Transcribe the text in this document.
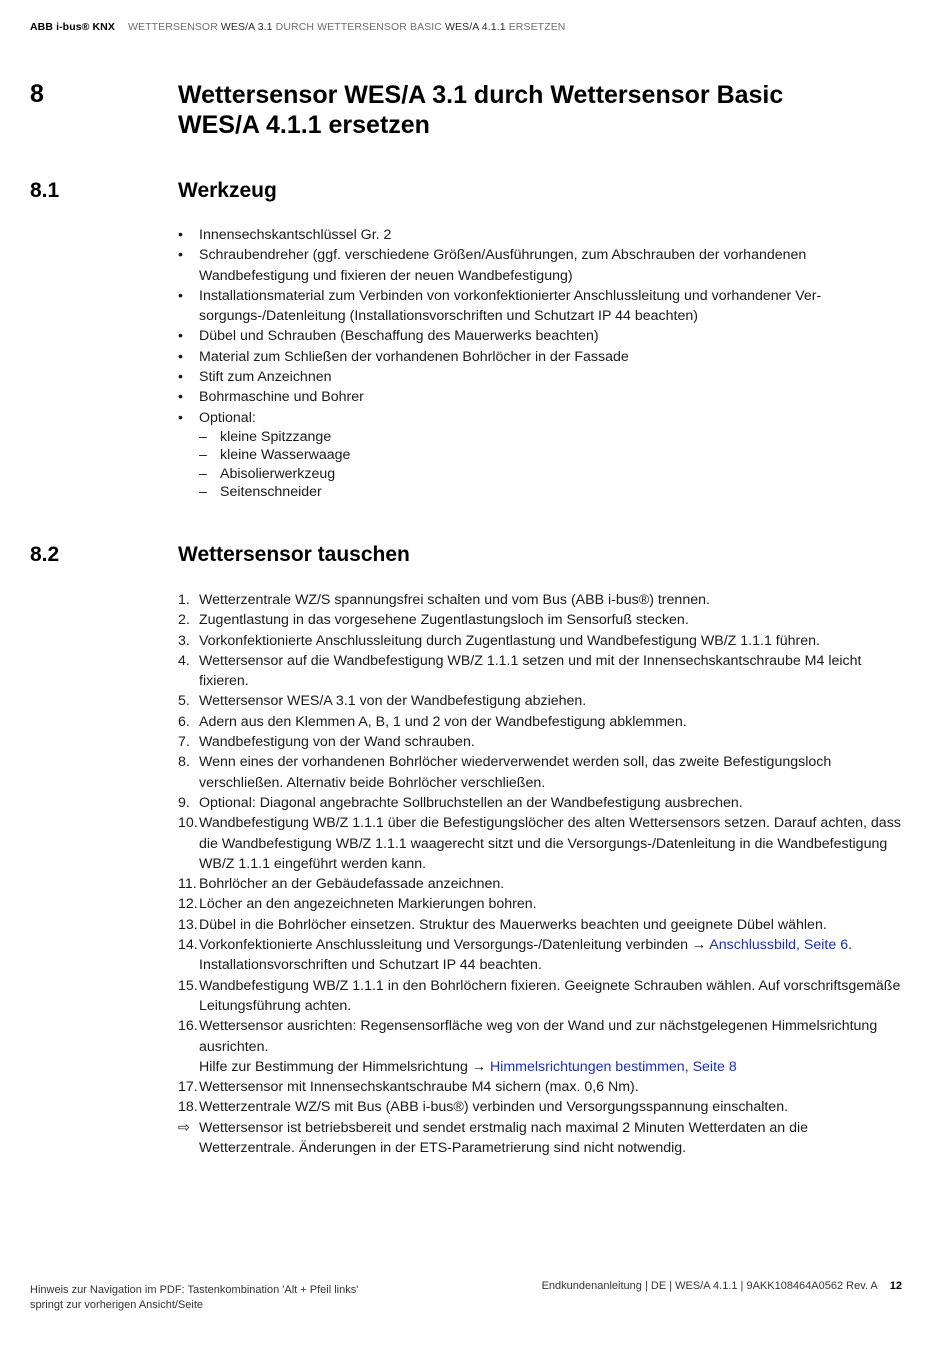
ABB i-bus® KNX WETTERSENSOR WES/A 3.1 DURCH WETTERSENSOR BASIC WES/A 4.1.1 ERSETZEN
8	Wettersensor WES/A 3.1 durch Wettersensor Basic
WES/A 4.1.1 ersetzen
8.1	Werkzeug
• Innensechskantschlüssel Gr. 2
• Schraubendreher (ggf. verschiedene Größen/Ausführungen, zum Abschrauben der vorhandenen Wandbefestigung und fixieren der neuen Wandbefestigung)
• Installationsmaterial zum Verbinden von vorkonfektionierter Anschlussleitung und vorhandener Versorgungs-/Datenleitung (Installationsvorschriften und Schutzart IP 44 beachten)
• Dübel und Schrauben (Beschaffung des Mauerwerks beachten)
• Material zum Schließen der vorhandenen Bohrlöcher in der Fassade
• Stift zum Anzeichnen
• Bohrmaschine und Bohrer
• Optional:
– kleine Spitzzange
– kleine Wasserwaage
– Abisolierwerkzeug
– Seitenschneider
8.2	Wettersensor tauschen
1. Wetterzentrale WZ/S spannungsfrei schalten und vom Bus (ABB i-bus®) trennen.
2. Zugentlastung in das vorgesehene Zugentlastungsloch im Sensorfuß stecken.
3. Vorkonfektionierte Anschlussleitung durch Zugentlastung und Wandbefestigung WB/Z 1.1.1 führen.
4. Wettersensor auf die Wandbefestigung WB/Z 1.1.1 setzen und mit der Innensechskantschraube M4 leicht fixieren.
5. Wettersensor WES/A 3.1 von der Wandbefestigung abziehen.
6. Adern aus den Klemmen A, B, 1 und 2 von der Wandbefestigung abklemmen.
7. Wandbefestigung von der Wand schrauben.
8. Wenn eines der vorhandenen Bohrlöcher wiederverwendet werden soll, das zweite Befestigungsloch verschließen. Alternativ beide Bohrlöcher verschließen.
9. Optional: Diagonal angebrachte Sollbruchstellen an der Wandbefestigung ausbrechen.
10. Wandbefestigung WB/Z 1.1.1 über die Befestigungslöcher des alten Wettersensors setzen. Darauf achten, dass die Wandbefestigung WB/Z 1.1.1 waagerecht sitzt und die Versorgungs-/Datenleitung in die Wandbefestigung WB/Z 1.1.1 eingeführt werden kann.
11. Bohrlöcher an der Gebäudefassade anzeichnen.
12. Löcher an den angezeichneten Markierungen bohren.
13. Dübel in die Bohrlöcher einsetzen. Struktur des Mauerwerks beachten und geeignete Dübel wählen.
14. Vorkonfektionierte Anschlussleitung und Versorgungs-/Datenleitung verbinden → Anschlussbild, Seite 6. Installationsvorschriften und Schutzart IP 44 beachten.
15. Wandbefestigung WB/Z 1.1.1 in den Bohrlöchern fixieren. Geeignete Schrauben wählen. Auf vorschriftsgemäße Leitungsführung achten.
16. Wettersensor ausrichten: Regensensorfläche weg von der Wand und zur nächstgelegenen Himmelsrichtung ausrichten.
Hilfe zur Bestimmung der Himmelsrichtung → Himmelsrichtungen bestimmen, Seite 8
17. Wettersensor mit Innensechskantschraube M4 sichern (max. 0,6 Nm).
18. Wetterzentrale WZ/S mit Bus (ABB i-bus®) verbinden und Versorgungsspannung einschalten.
⇨ Wettersensor ist betriebsbereit und sendet erstmalig nach maximal 2 Minuten Wetterdaten an die Wetterzentrale. Änderungen in der ETS-Parametrierung sind nicht notwendig.
Hinweis zur Navigation im PDF: Tastenkombination 'Alt + Pfeil links'
springt zur vorherigen Ansicht/Seite
Endkundenanleitung | DE | WES/A 4.1.1 | 9AKK108464A0562 Rev. A 12
